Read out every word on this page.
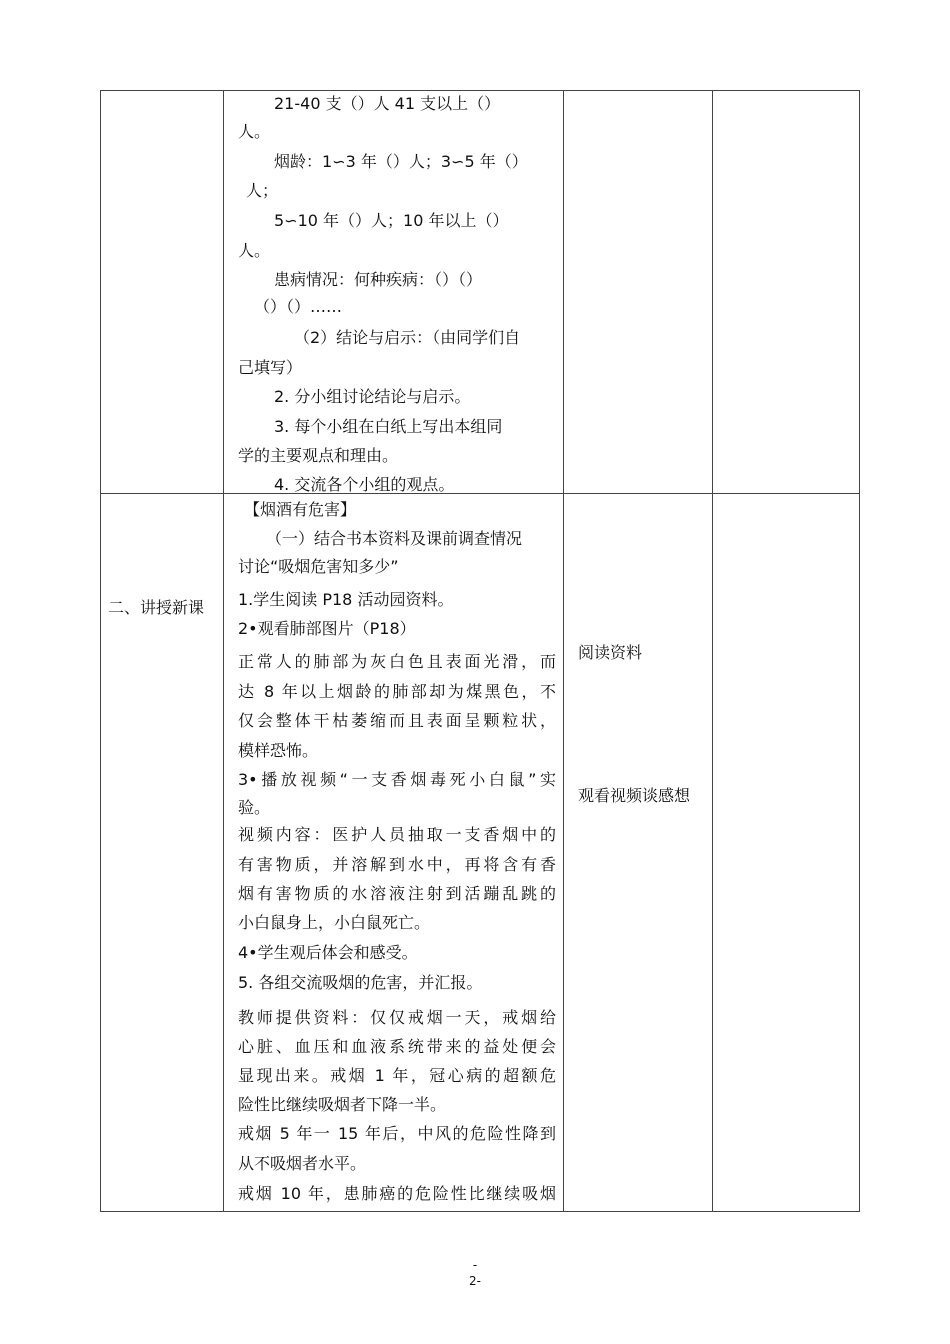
21-40 支（）人 41 支以上（）
人。
烟龄：1∽3 年（）人；3∽5 年（）
人；
5∽10 年（）人；10 年以上（）
人。
患病情况：何种疾病：（）（）
（）（）……
（2）结论与启示：（由同学们自
己填写）
2. 分小组讨论结论与启示。
3. 每个小组在白纸上写出本组同
学的主要观点和理由。
4. 交流各个小组的观点。
二、讲授新课
【烟酒有危害】
（一）结合书本资料及课前调查情况
讨论“吸烟危害知多少”
1.学生阅读 P18 活动园资料。
2•观看肺部图片（P18）
正常人的肺部为灰白色且表面光滑，而
达 8 年以上烟龄的肺部却为煤黑色，不
仅会整体干枯萎缩而且表面呈颗粒状，
模样恐怖。
3•播放视频“一支香烟毒死小白鼠”实
验。
视频内容：医护人员抽取一支香烟中的
有害物质，并溶解到水中，再将含有香
烟有害物质的水溶液注射到活蹦乱跳的
小白鼠身上，小白鼠死亡。
4•学生观后体会和感受。
5. 各组交流吸烟的危害，并汇报。
教师提供资料：仅仅戒烟一天，戒烟给
心脏、血压和血液系统带来的益处便会
显现出来。戒烟 1 年，冠心病的超额危
险性比继续吸烟者下降一半。
戒烟 5 年一 15 年后，中风的危险性降到
从不吸烟者水平。
戒烟 10 年，患肺癌的危险性比继续吸烟
阅读资料
观看视频谈感想
-
2-
